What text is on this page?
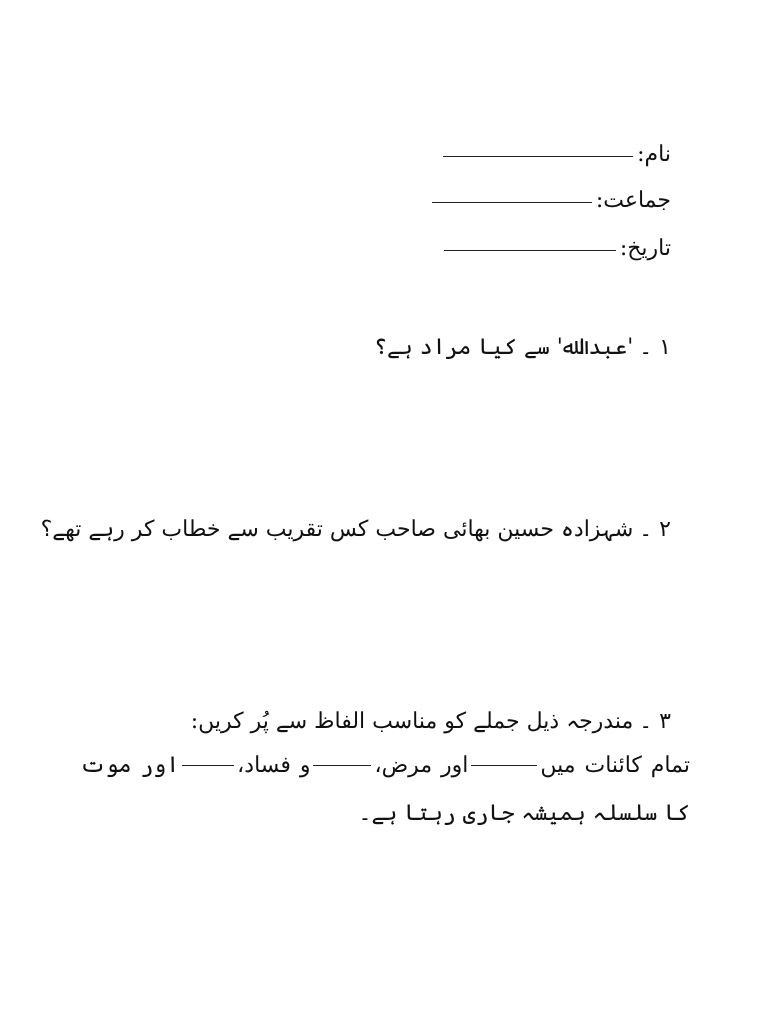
نام:
جماعت:
تاریخ:
۱ ۔'عبداﷲ' سے کیا مراد ہے؟
۲ ۔شہزادہ حسین بھائی صاحب کس تقریب سے خطاب کر رہے تھے؟
۳ ۔مندرجہ ذیل جملے کو مناسب الفاظ سے پُر کریں:
تمام کائنات میںاور مرض،و فساد،اور موت کا سلسلہ ہمیشہ جاری رہتا ہے۔
